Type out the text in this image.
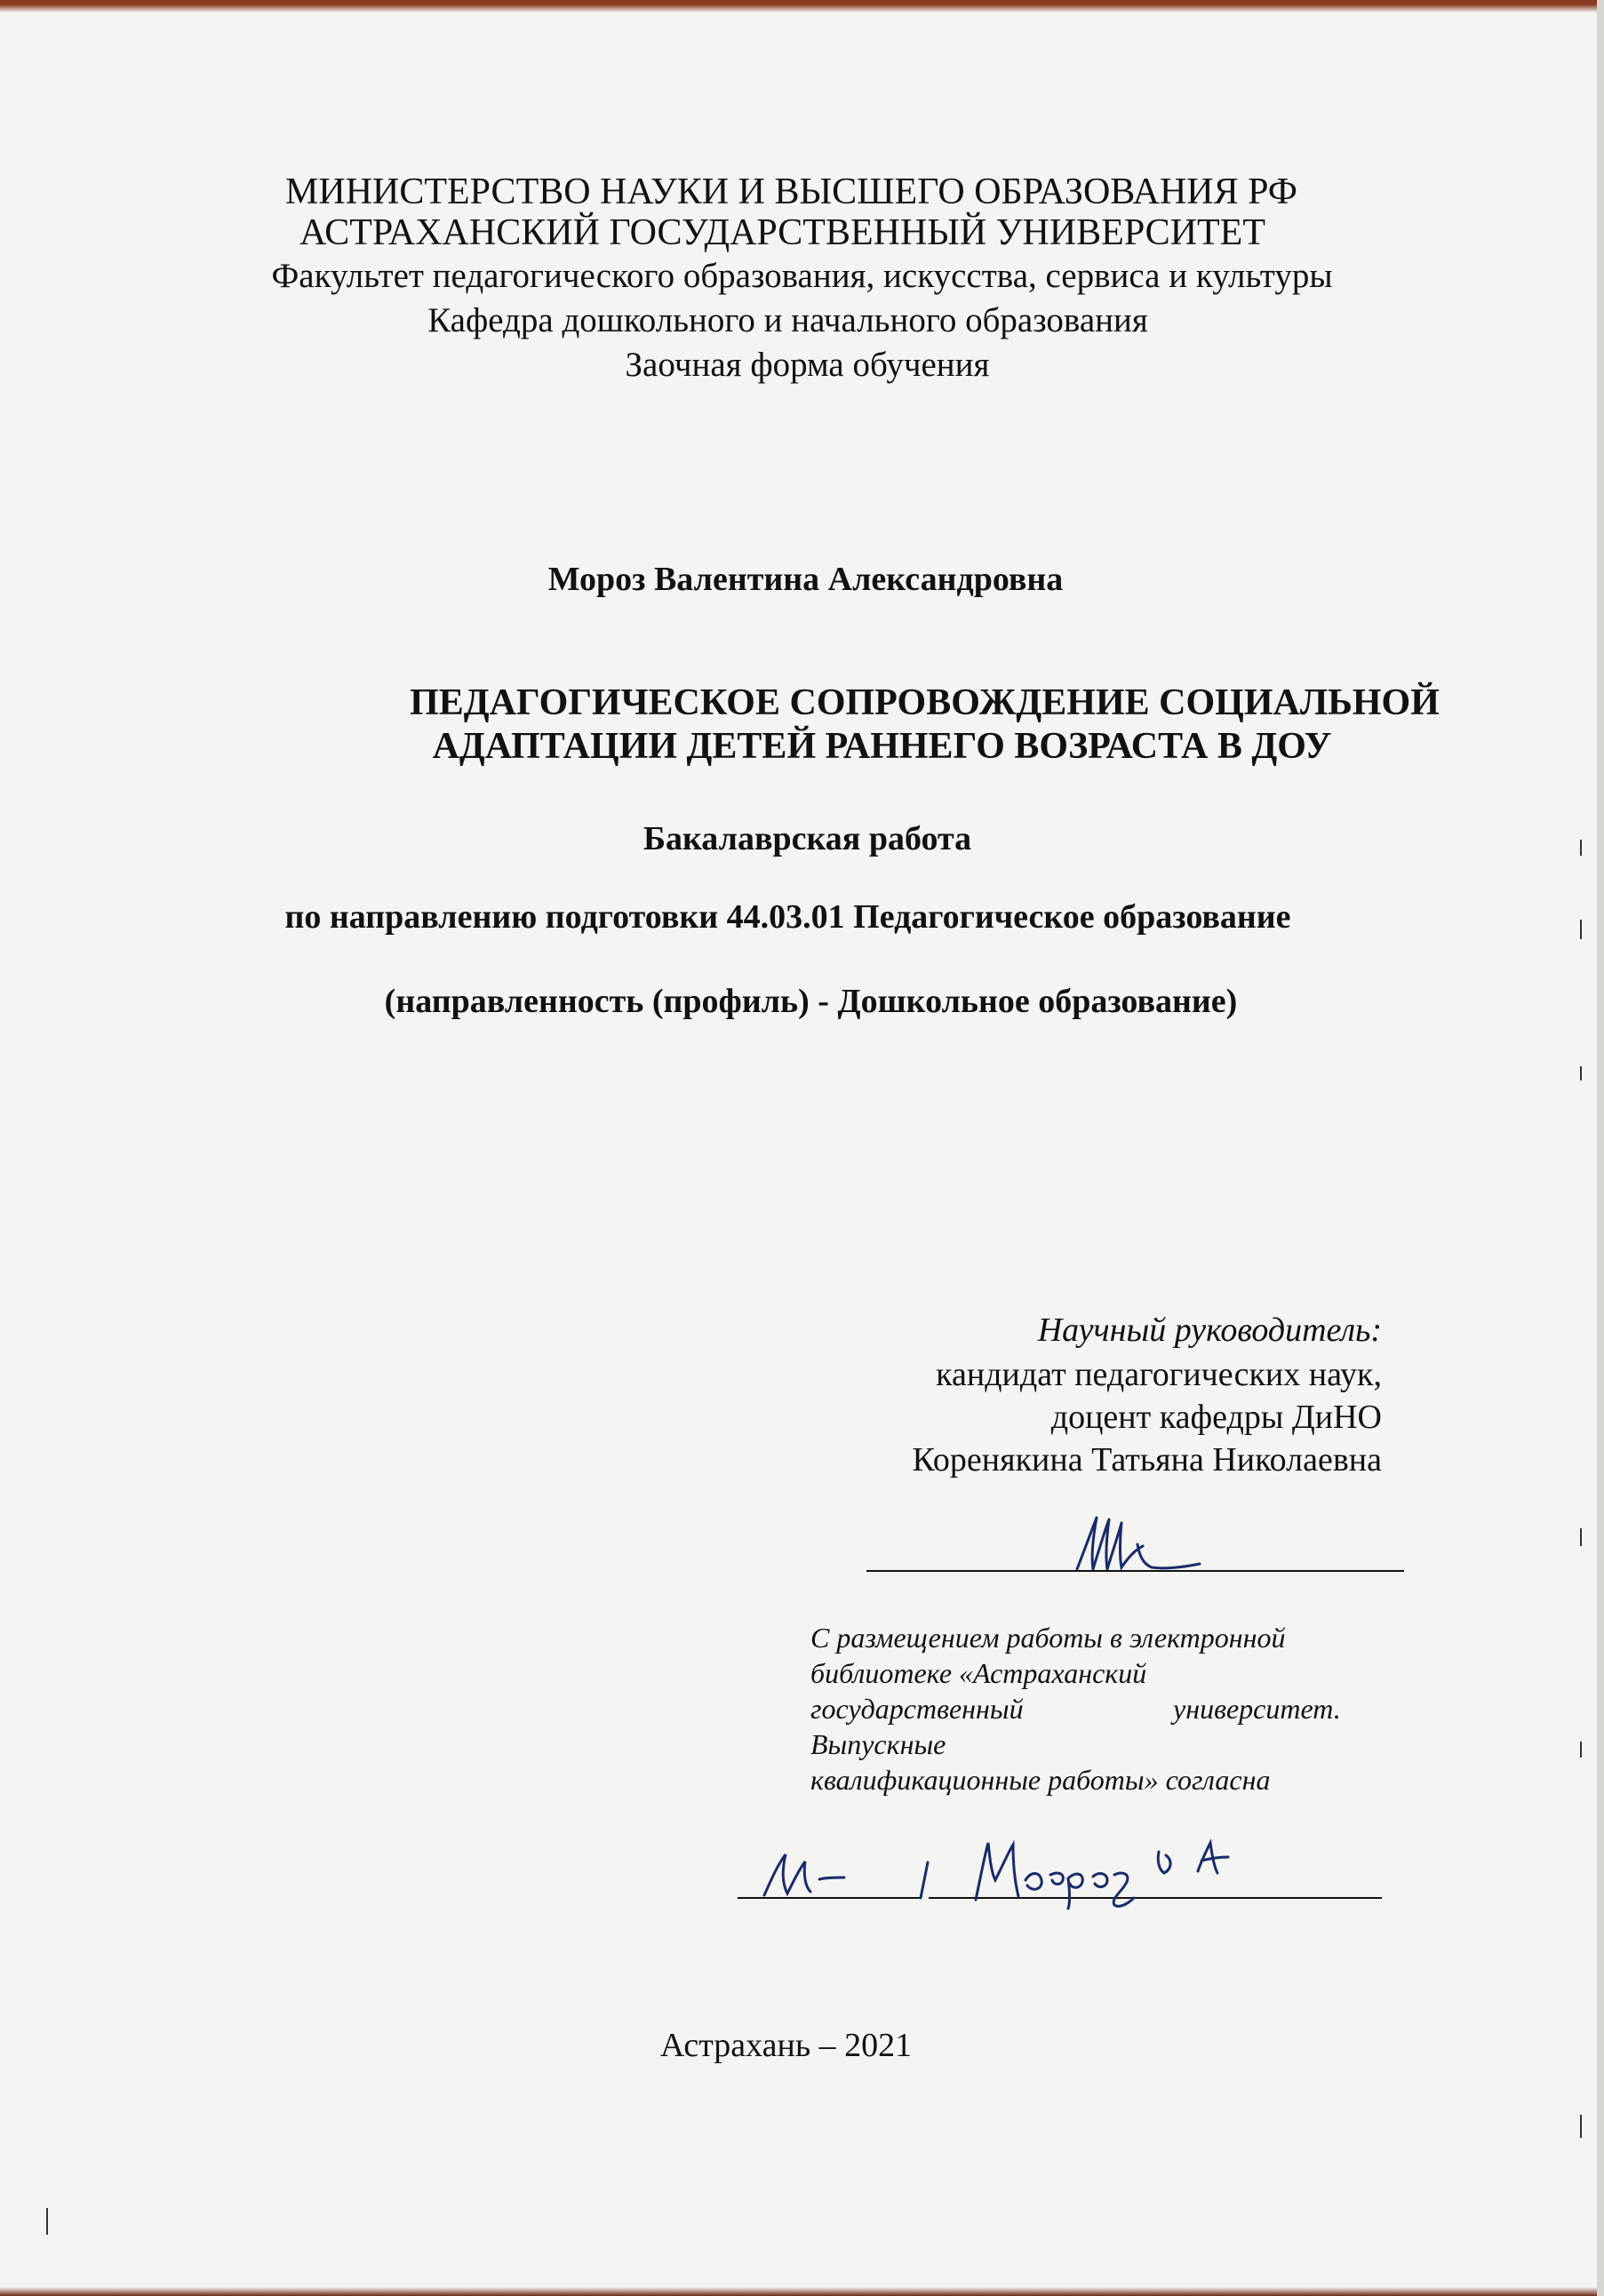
МИНИСТЕРСТВО НАУКИ И ВЫСШЕГО ОБРАЗОВАНИЯ РФ
АСТРАХАНСКИЙ ГОСУДАРСТВЕННЫЙ УНИВЕРСИТЕТ
Факультет педагогического образования, искусства, сервиса и культуры
Кафедра дошкольного и начального образования
Заочная форма обучения
Мороз Валентина Александровна
ПЕДАГОГИЧЕСКОЕ СОПРОВОЖДЕНИЕ СОЦИАЛЬНОЙ
АДАПТАЦИИ ДЕТЕЙ РАННЕГО ВОЗРАСТА В ДОУ
Бакалаврская работа
по направлению подготовки 44.03.01 Педагогическое образование
(направленность (профиль) - Дошкольное образование)
Научный руководитель:
кандидат педагогических наук,
доцент кафедры ДиНО
Коренякина Татьяна Николаевна
С размещением работы в электронной
библиотеке «Астраханский
государственный	университет.
Выпускные
квалификационные работы» согласна
Астрахань – 2021
